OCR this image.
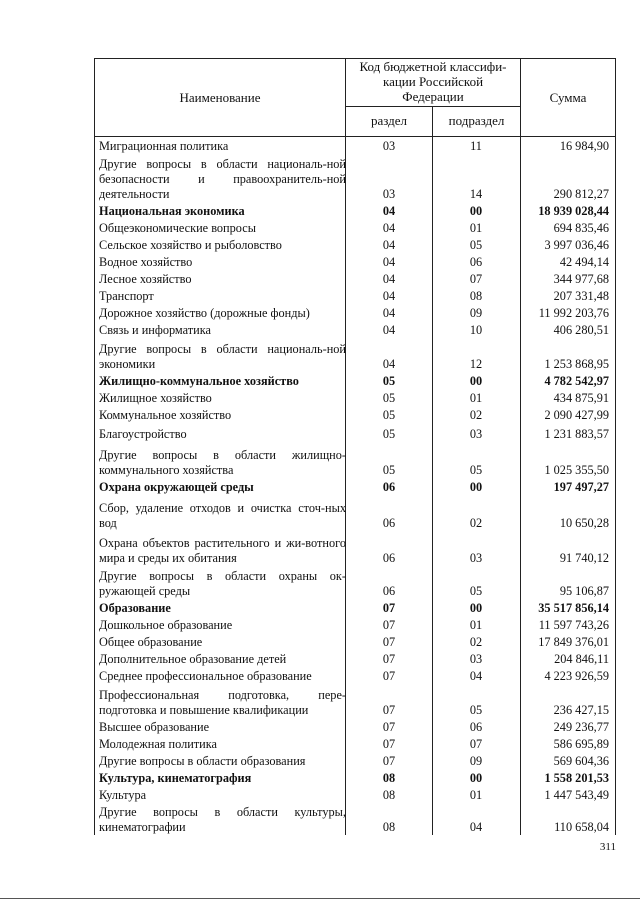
Наименование
Код бюджетной классифи-
кации Российской
Федерации
раздел	подраздел
Сумма
Миграционная политика	03	11	16 984,90
Другие вопросы в области националь-ной безопасности и правоохранитель-ной деятельности	03	14	290 812,27
Национальная экономика	04	00	18 939 028,44
Общеэкономические вопросы	04	01	694 835,46
Сельское хозяйство и рыболовство	04	05	3 997 036,46
Водное хозяйство	04	06	42 494,14
Лесное хозяйство	04	07	344 977,68
Транспорт	04	08	207 331,48
Дорожное хозяйство (дорожные фонды)	04	09	11 992 203,76
Связь и информатика	04	10	406 280,51
Другие вопросы в области националь-ной экономики	04	12	1 253 868,95
Жилищно-коммунальное хозяйство	05	00	4 782 542,97
Жилищное хозяйство	05	01	434 875,91
Коммунальное хозяйство	05	02	2 090 427,99
Благоустройство	05	03	1 231 883,57
Другие вопросы в области жилищно-коммунального хозяйства	05	05	1 025 355,50
Охрана окружающей среды	06	00	197 497,27
Сбор, удаление отходов и очистка сточ-ных вод	06	02	10 650,28
Охрана объектов растительного и жи-вотного мира и среды их обитания	06	03	91 740,12
Другие вопросы в области охраны ок-ружающей среды	06	05	95 106,87
Образование	07	00	35 517 856,14
Дошкольное образование	07	01	11 597 743,26
Общее образование	07	02	17 849 376,01
Дополнительное образование детей	07	03	204 846,11
Среднее профессиональное образование	07	04	4 223 926,59
Профессиональная подготовка, пере-подготовка и повышение квалификации	07	05	236 427,15
Высшее образование	07	06	249 236,77
Молодежная политика	07	07	586 695,89
Другие вопросы в области образования	07	09	569 604,36
Культура, кинематография	08	00	1 558 201,53
Культура	08	01	1 447 543,49
Другие вопросы в области культуры, кинематографии	08	04	110 658,04
311
